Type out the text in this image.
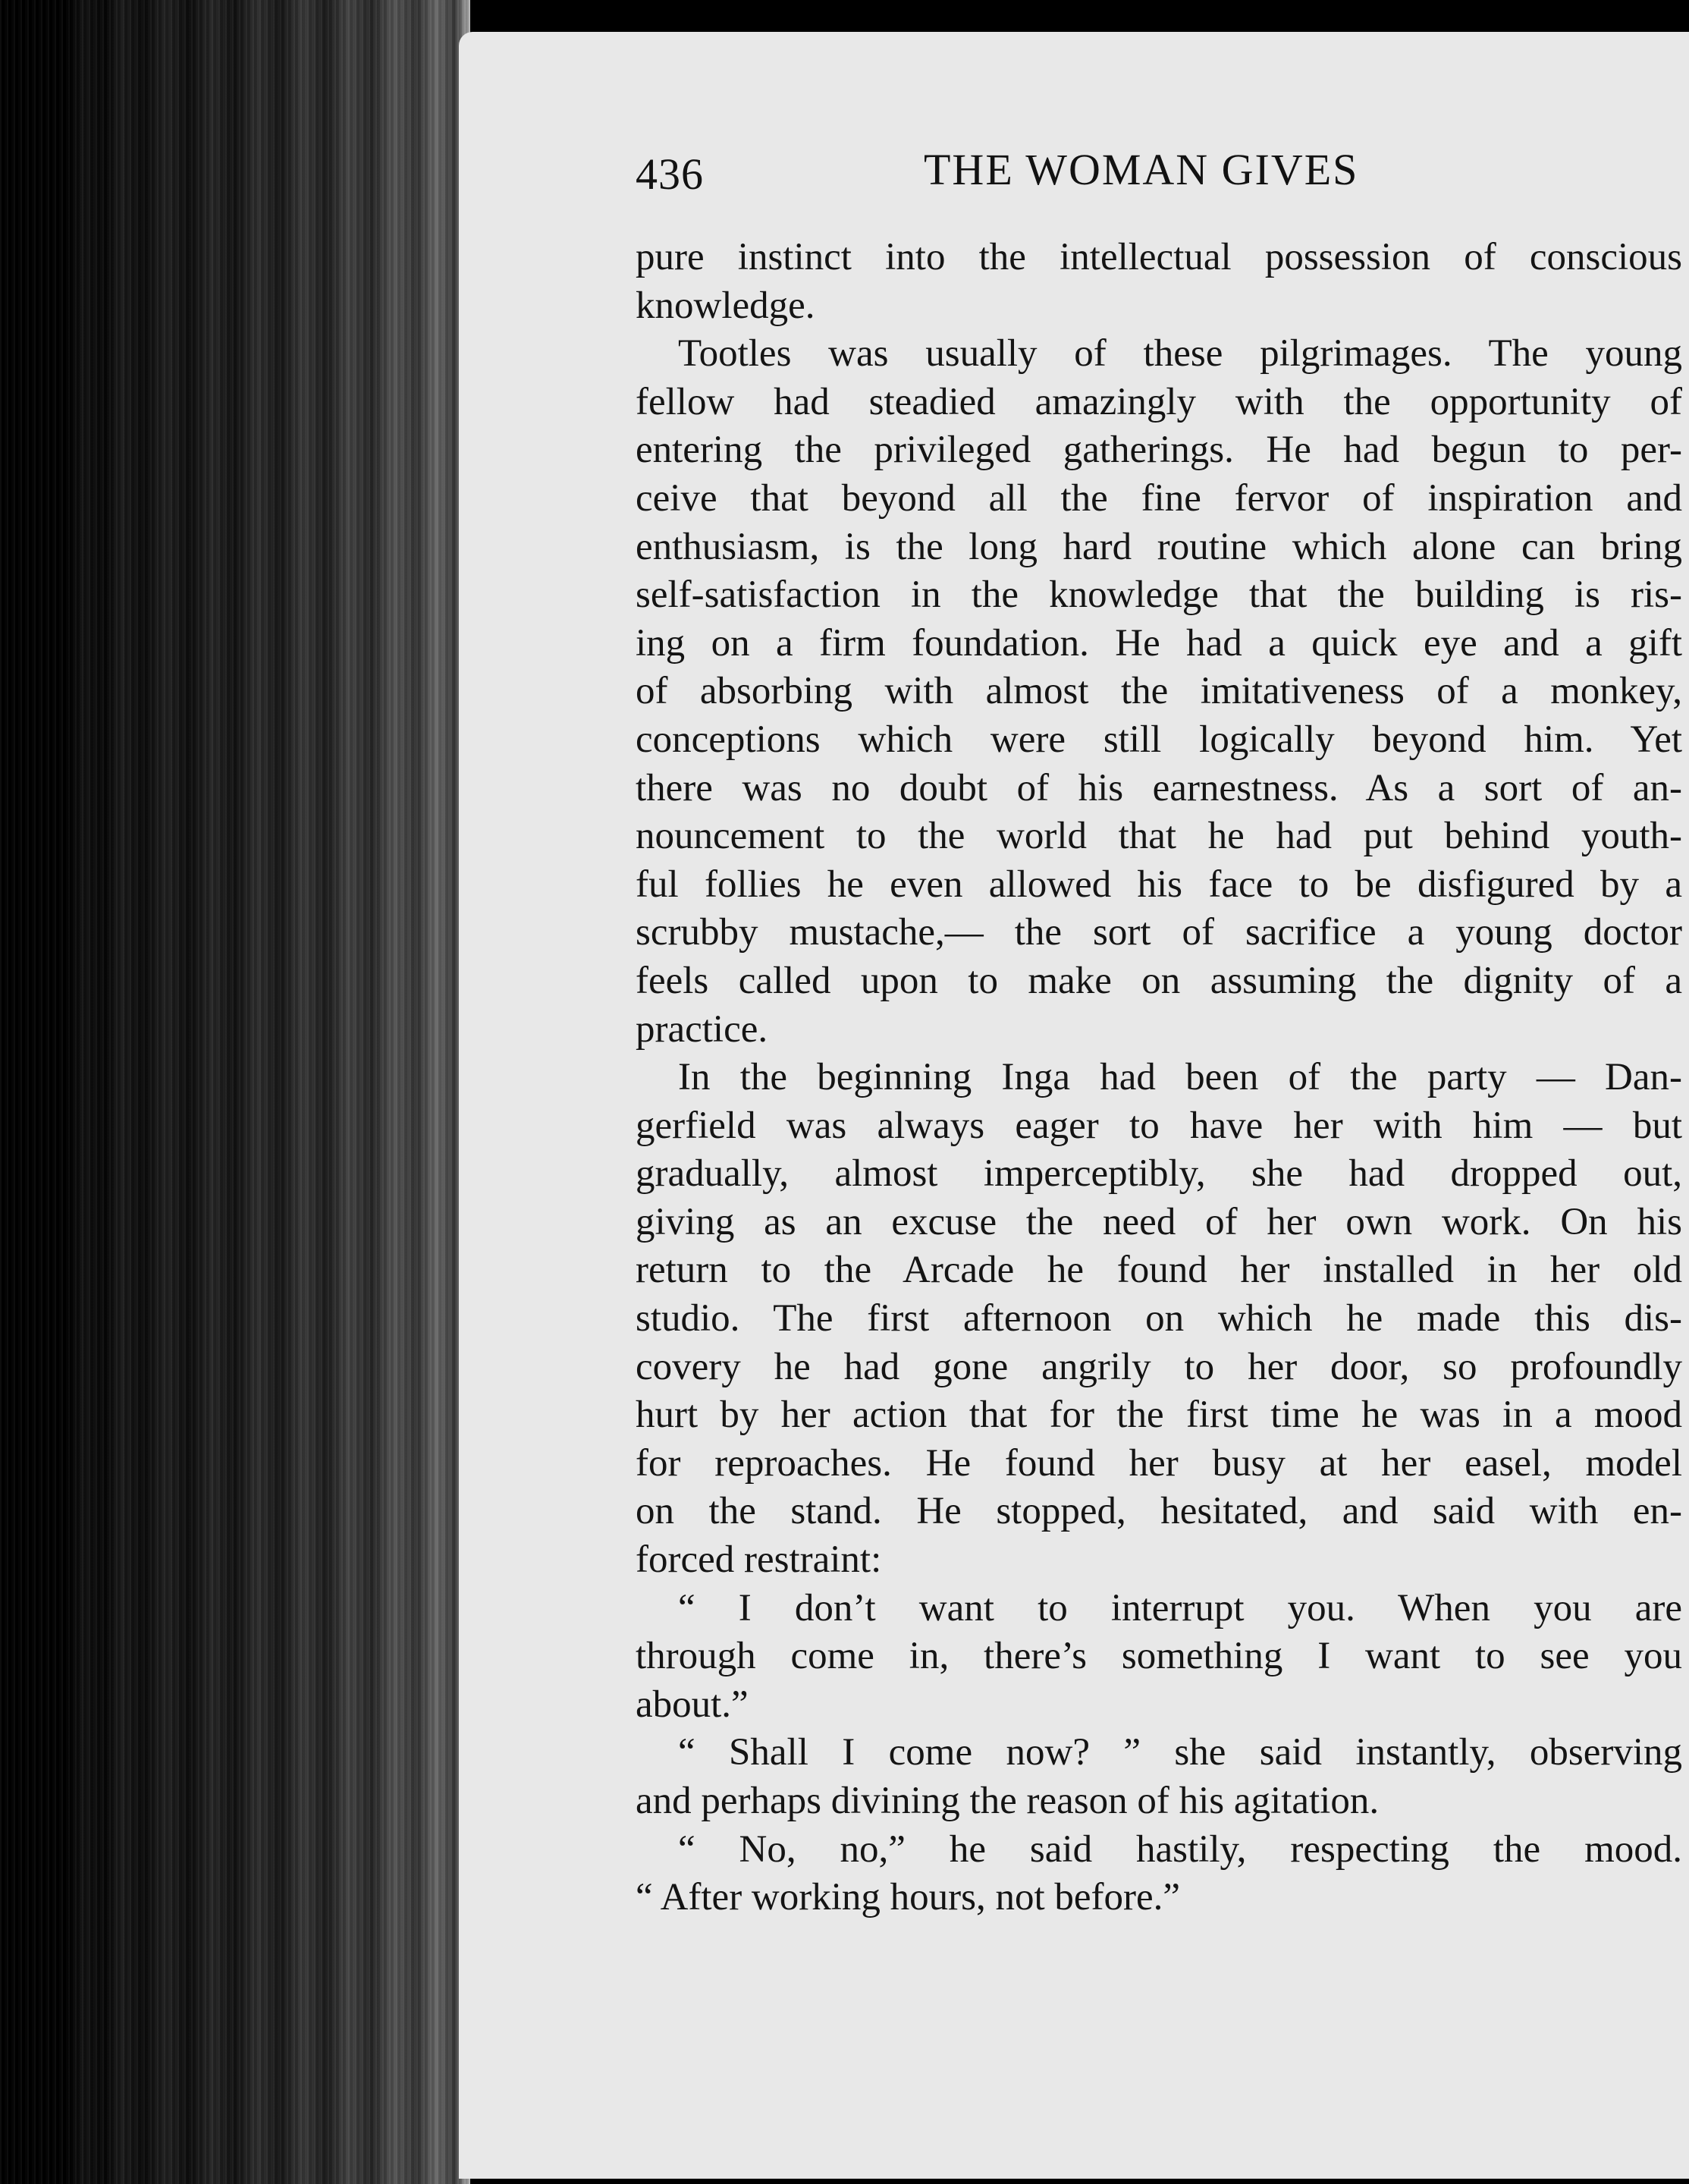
436	THE WOMAN GIVES
pure instinct into the intellectual possession of conscious
knowledge.
Tootles was usually of these pilgrimages. The young
fellow had steadied amazingly with the opportunity of
entering the privileged gatherings. He had begun to per-
ceive that beyond all the fine fervor of inspiration and
enthusiasm, is the long hard routine which alone can bring
self-satisfaction in the knowledge that the building is ris-
ing on a firm foundation. He had a quick eye and a gift
of absorbing with almost the imitativeness of a monkey,
conceptions which were still logically beyond him. Yet
there was no doubt of his earnestness. As a sort of an-
nouncement to the world that he had put behind youth-
ful follies he even allowed his face to be disfigured by a
scrubby mustache,— the sort of sacrifice a young doctor
feels called upon to make on assuming the dignity of a
practice.
In the beginning Inga had been of the party — Dan-
gerfield was always eager to have her with him — but
gradually, almost imperceptibly, she had dropped out,
giving as an excuse the need of her own work. On his
return to the Arcade he found her installed in her old
studio. The first afternoon on which he made this dis-
covery he had gone angrily to her door, so profoundly
hurt by her action that for the first time he was in a mood
for reproaches. He found her busy at her easel, model
on the stand. He stopped, hesitated, and said with en-
forced restraint:
“ I don’t want to interrupt you. When you are
through come in, there’s something I want to see you
about.”
“ Shall I come now? ” she said instantly, observing
and perhaps divining the reason of his agitation.
“ No, no,” he said hastily, respecting the mood.
“ After working hours, not before.”
